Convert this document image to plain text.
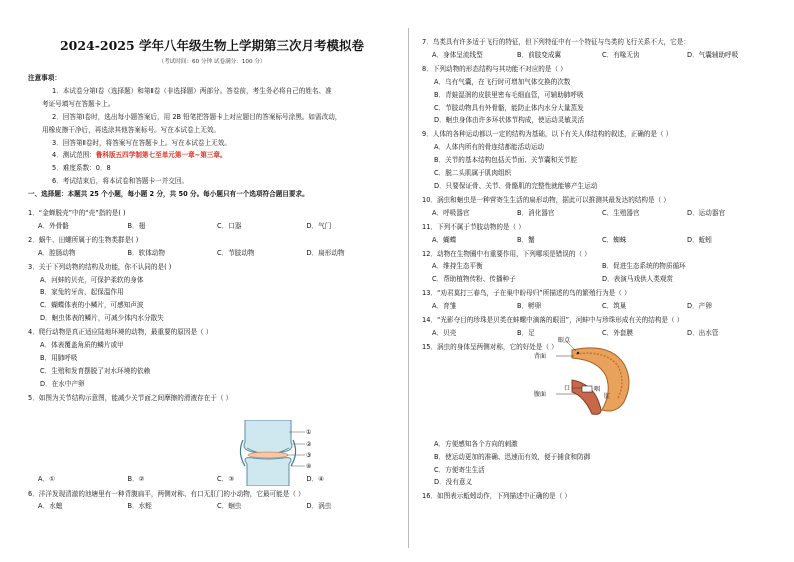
2024-2025 学年八年级生物上学期第三次月考模拟卷
（考试时间：60 分钟 试卷满分：100 分）
注意事项：
1．本试卷分第Ⅰ卷（选择题）和第Ⅱ卷（非选择题）两部分。答卷前，考生务必将自己的姓名、准
考证号填写在答题卡上。
2．回答第Ⅰ卷时，选出每小题答案后，用 2B 铅笔把答题卡上对应题目的答案标号涂黑。如需改动，
用橡皮擦干净后，再选涂其他答案标号。写在本试卷上无效。
3．回答第Ⅱ卷时，将答案写在答题卡上。写在本试卷上无效。
4．测试范围：鲁科版五四学制第七至单元第一章~第三章。
5．难度系数：0．8
6．考试结束后，将本试卷和答题卡一并交回。
一、选择题：本题共 25 个小题，每小题 2 分，共 50 分。每小题只有一个选项符合题目要求。
1．“金蝉脱壳”中的“壳”指的是( )
A．外骨骼	B．翅	C．口器	D．气门
2．蜗牛、田螺所属于的生物类群是( )
A．腔肠动物	B．软体动物	C．节肢动物	D．扁形动物
3．关于下列动物的结构及功能，你不认同的是( )
A．河蚌的贝壳，可保护柔软的身体
B．家兔的牙齿，起保温作用
C．蝴蝶体表的小鳞片，可感知声波
D．蛔虫体表的鳞片，可减少体内水分散失
4．爬行动物是真正适应陆地环境的动物，最重要的原因是（ ）
A．体表覆盖角质的鳞片或甲
B．用肺呼吸
C．生殖和发育摆脱了对水环境的依赖
D．在水中产卵
5．如图为关节结构示意图，能减少关节面之间摩擦的滑液存在于（ ）
A．①	B．②	C．③	D．④
6．洋洋发现清澈的池塘里有一种背腹扁平，两侧对称、有口无肛门的小动物，它最可能是（ ）
A．水螅	B．水蛭	C．蛔虫	D．涡虫
①
②
③
④
7．鸟类具有许多适于飞行的特征，但下列特征中有一个特征与鸟类的飞行关系不大，它是：
A．身体呈流线型	B．前肢变成翼	C．有喙无齿	D．气囊辅助呼吸
8．下列动物的形态结构与其功能不对应的是（ ）
A．乌有气囊，在飞行时可增加气体交换的次数
B．青蛙湿润的皮肤里密布毛细血管，可辅助肺呼吸
C．节肢动物具有外骨骼，能防止体内水分大量蒸发
D．蛔虫身体由许多环状体节构成，使运动灵敏灵活
9．人体的各种运动都以一定的结构为基础，以下有关人体结构的叙述，正确的是（ ）
A．人体内所有的骨连结都能活动运动
B．关节的基本结构包括关节面、关节囊和关节腔
C．脱二头肌属于肌肉组织
D．只要保证骨、关节、骨骼肌的完整性就能够产生运动
10．涡虫和蛔虫是一种营寄生生活的扁形动物，据此可以推测其最发达的结构是（ ）
A．呼吸器官	B．消化器官	C．生殖器官	D．运动器官
11．下列不属于节肢动物的是（ ）
A．蝴蝶	B．蟹	C．蜘蛛	D．蚯蚓
12．动物在生物圈中有重要作用，下列哪项是错误的（ ）
A．维持生态平衡	B．促进生态系统的物质循环
C．帮助植物传粉、传播种子	D．表演马戏供人类观赏
13．“劝君莫打三春鸟，子在巢中盼母归”所描述的鸟的繁殖行为是（ ）
A．育雏	B．孵卵	C．筑巢	D．产卵
14．“光影夺目的珍珠是贝类在蚌螺中滴落的眼泪”，河蚌中与珍珠形成有关的结构是（ ）
A．贝壳	B．足	C．外套膜	D．出水管
15．涡虫的身体呈两侧对称，它的好处是（ ）
A．方便感知各个方向的刺激
B．使运动更加的准确、迅速而有效，便于捕食和防御
C．方便寄生生活
D．没有意义
16．如图表示蚯蚓动作，下列描述中正确的是（ ）
眼点
背面
口	咽
腹面	肛
